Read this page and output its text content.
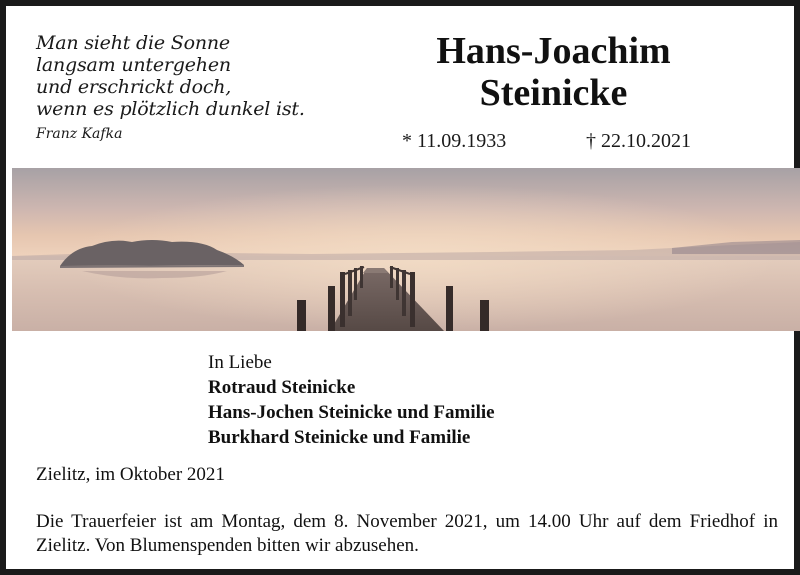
Man sieht die Sonne
langsam untergehen
und erschrickt doch,
wenn es plötzlich dunkel ist.
Franz Kafka
Hans-Joachim
Steinicke
* 11.09.1933	† 22.10.2021
In Liebe
Rotraud Steinicke
Hans-Jochen Steinicke und Familie
Burkhard Steinicke und Familie
Zielitz, im Oktober 2021
Die Trauerfeier ist am Montag, dem 8. November 2021, um 14.00 Uhr auf dem Friedhof in Zielitz. Von Blumenspenden bitten wir abzusehen.
